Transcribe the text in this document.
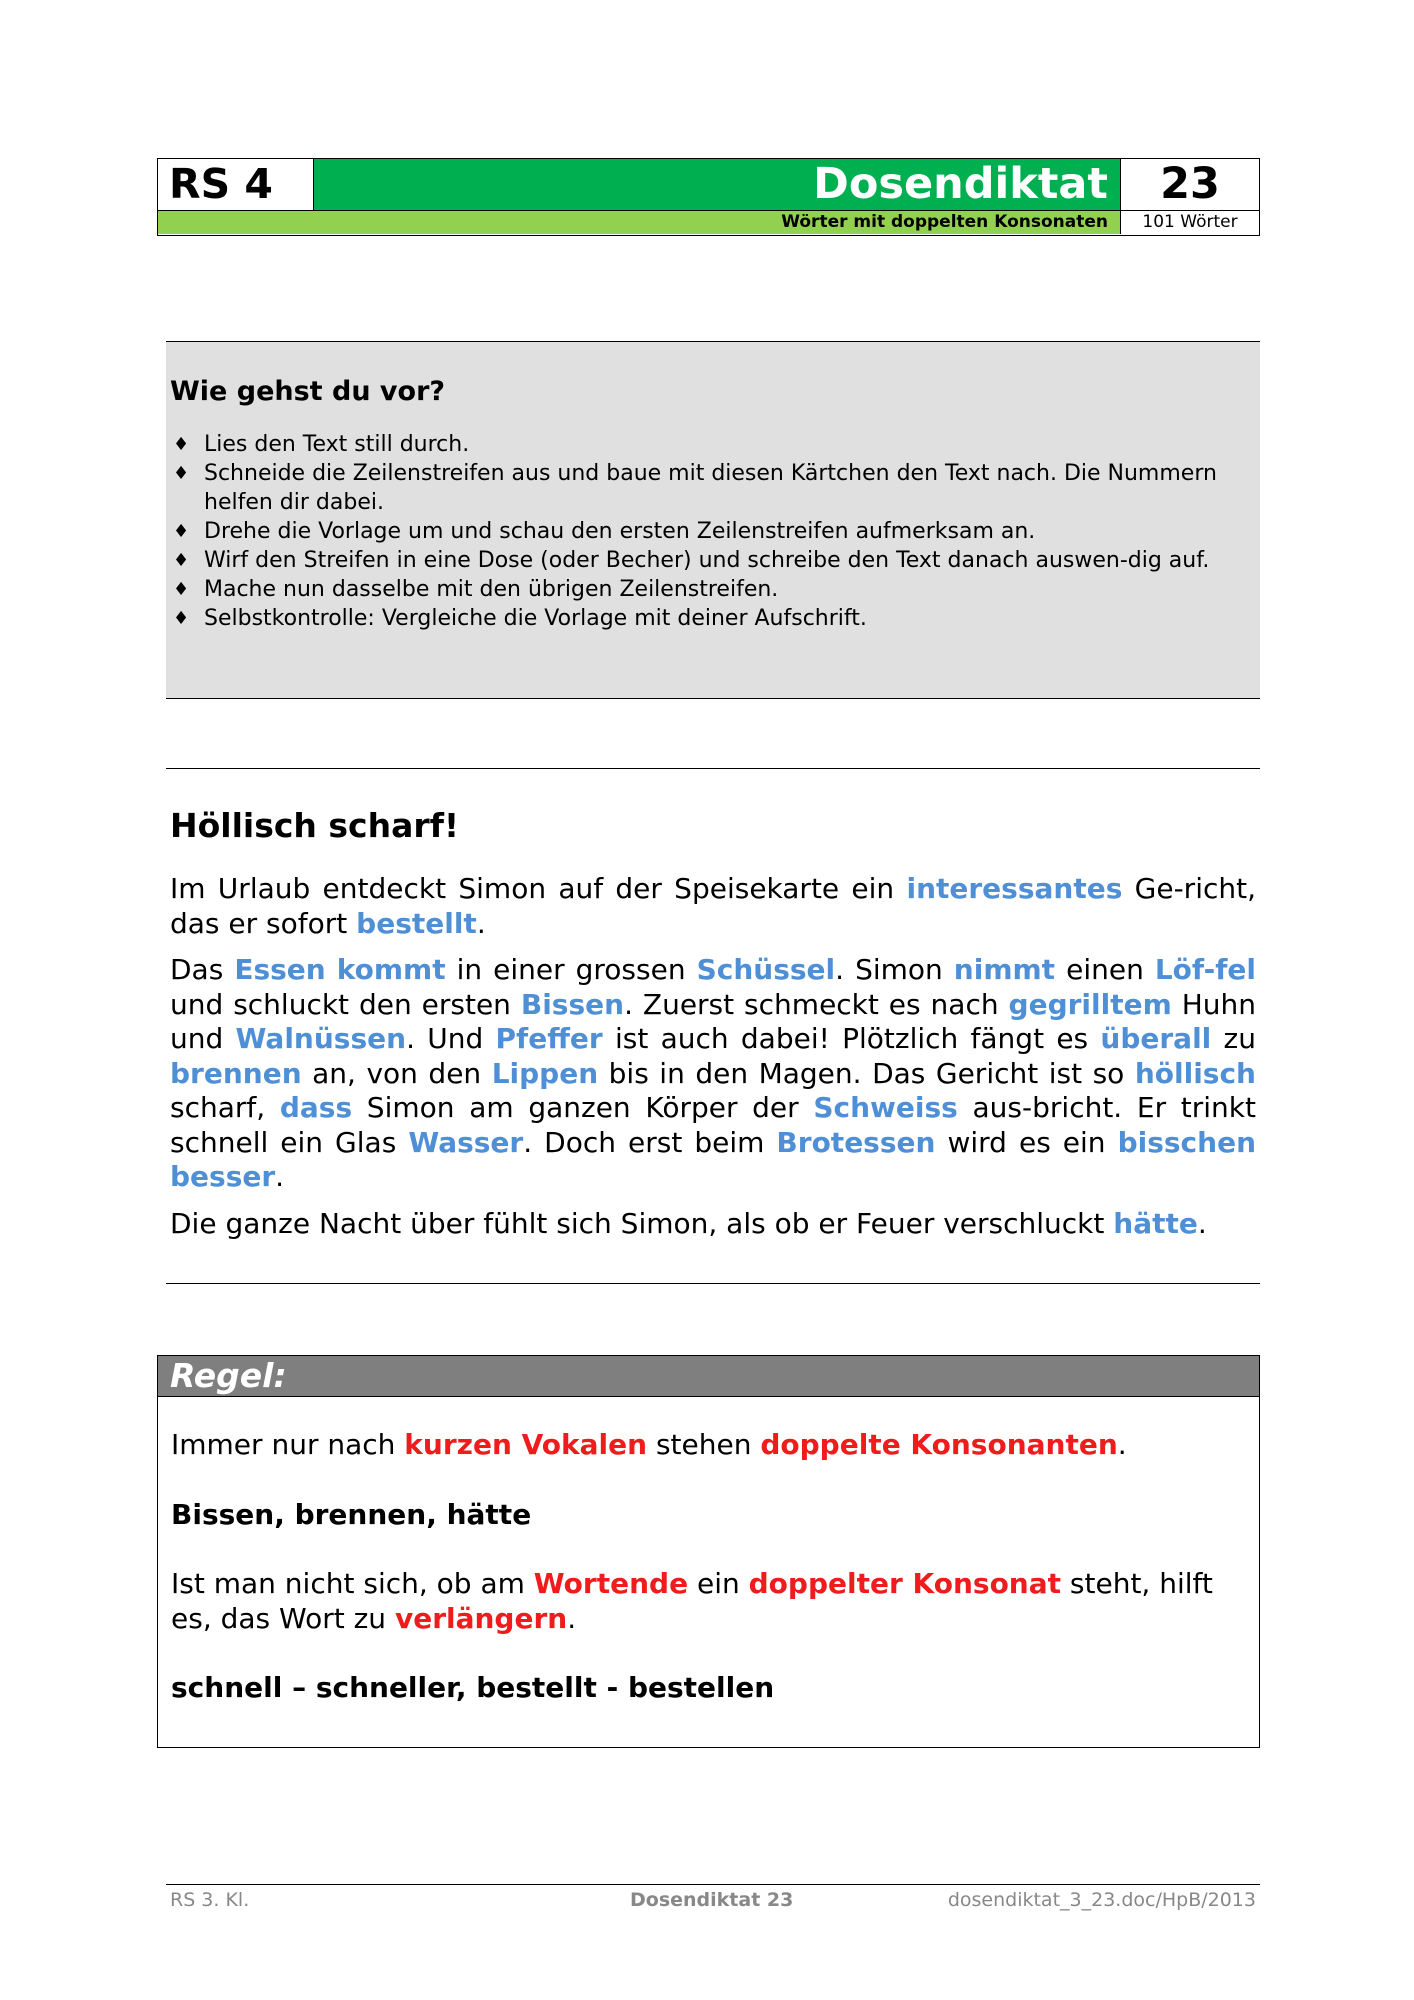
RS 4	Dosendiktat	23
Wörter mit doppelten Konsonaten	101 Wörter
Wie gehst du vor?
♦ Lies den Text still durch.
♦ Schneide die Zeilenstreifen aus und baue mit diesen Kärtchen den Text nach. Die Nummern helfen dir dabei.
♦ Drehe die Vorlage um und schau den ersten Zeilenstreifen aufmerksam an.
♦ Wirf den Streifen in eine Dose (oder Becher) und schreibe den Text danach auswen-dig auf.
♦ Mache nun dasselbe mit den übrigen Zeilenstreifen.
♦ Selbstkontrolle: Vergleiche die Vorlage mit deiner Aufschrift.
Höllisch scharf!

Im Urlaub entdeckt Simon auf der Speisekarte ein interessantes Ge-richt, das er sofort bestellt.

Das Essen kommt in einer grossen Schüssel. Simon nimmt einen Löf-fel und schluckt den ersten Bissen. Zuerst schmeckt es nach gegrilltem Huhn und Walnüssen. Und Pfeffer ist auch dabei! Plötzlich fängt es überall zu brennen an, von den Lippen bis in den Magen. Das Gericht ist so höllisch scharf, dass Simon am ganzen Körper der Schweiss aus-bricht. Er trinkt schnell ein Glas Wasser. Doch erst beim Brotessen wird es ein bisschen besser.

Die ganze Nacht über fühlt sich Simon, als ob er Feuer verschluckt hätte.

Regel:

Immer nur nach kurzen Vokalen stehen doppelte Konsonanten.

Bissen, brennen, hätte

Ist man nicht sich, ob am Wortende ein doppelter Konsonat steht, hilft es, das Wort zu verlängern.

schnell – schneller, bestellt - bestellen

RS 3. Kl.	Dosendiktat 23	dosendiktat_3_23.doc/HpB/2013
